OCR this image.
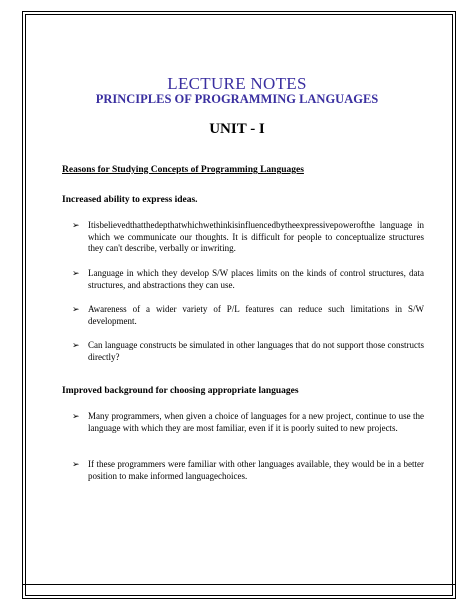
LECTURE NOTES
PRINCIPLES OF PROGRAMMING LANGUAGES
UNIT - I
Reasons for Studying Concepts of Programming Languages
Increased ability to express ideas.
➢ Itisbelievedthatthedepthatwhichwethinkisinfluencedbytheexpressivepowerofthe language in which we communicate our thoughts. It is difficult for people to conceptualize structures they can't describe, verbally or inwriting.
➢ Language in which they develop S/W places limits on the kinds of control structures, data structures, and abstractions they can use.
➢ Awareness of a wider variety of P/L features can reduce such limitations in S/W development.
➢ Can language constructs be simulated in other languages that do not support those constructs directly?
Improved background for choosing appropriate languages
➢ Many programmers, when given a choice of languages for a new project, continue to use the language with which they are most familiar, even if it is poorly suited to new projects.
➢ If these programmers were familiar with other languages available, they would be in a better position to make informed languagechoices.
